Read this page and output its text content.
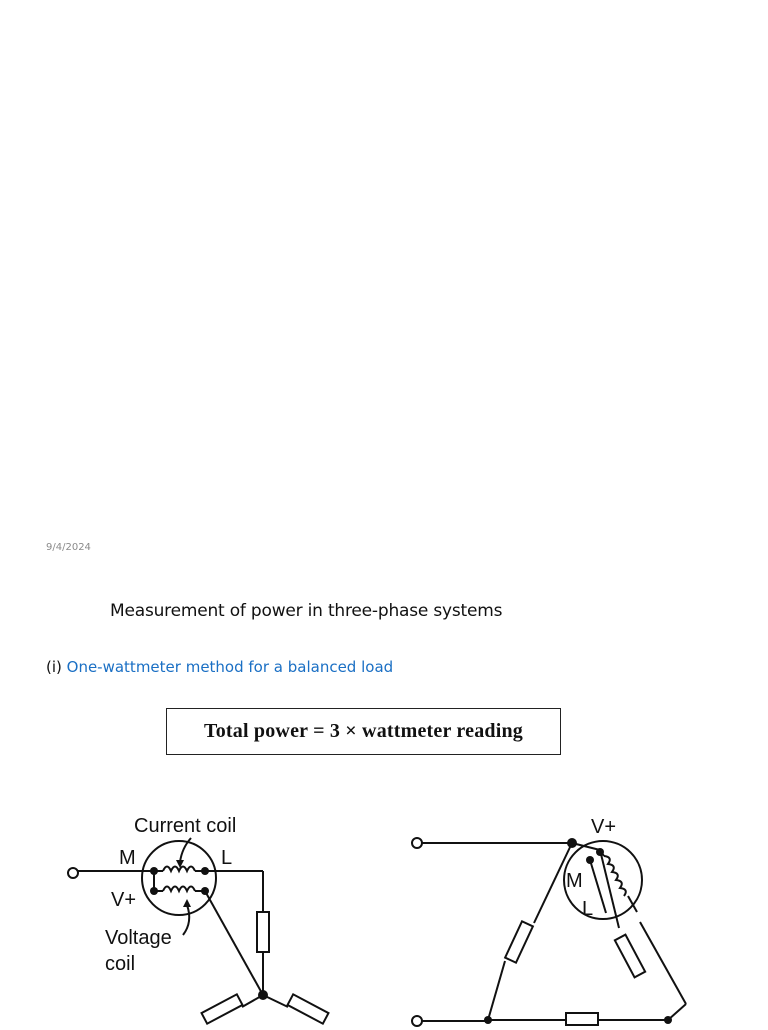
9/4/2024
Measurement of power in three-phase systems
(i) One-wattmeter method for a balanced load
Total power = 3 × wattmeter reading
Current coil
M	L
V+
Voltage
coil
V+
M
L
